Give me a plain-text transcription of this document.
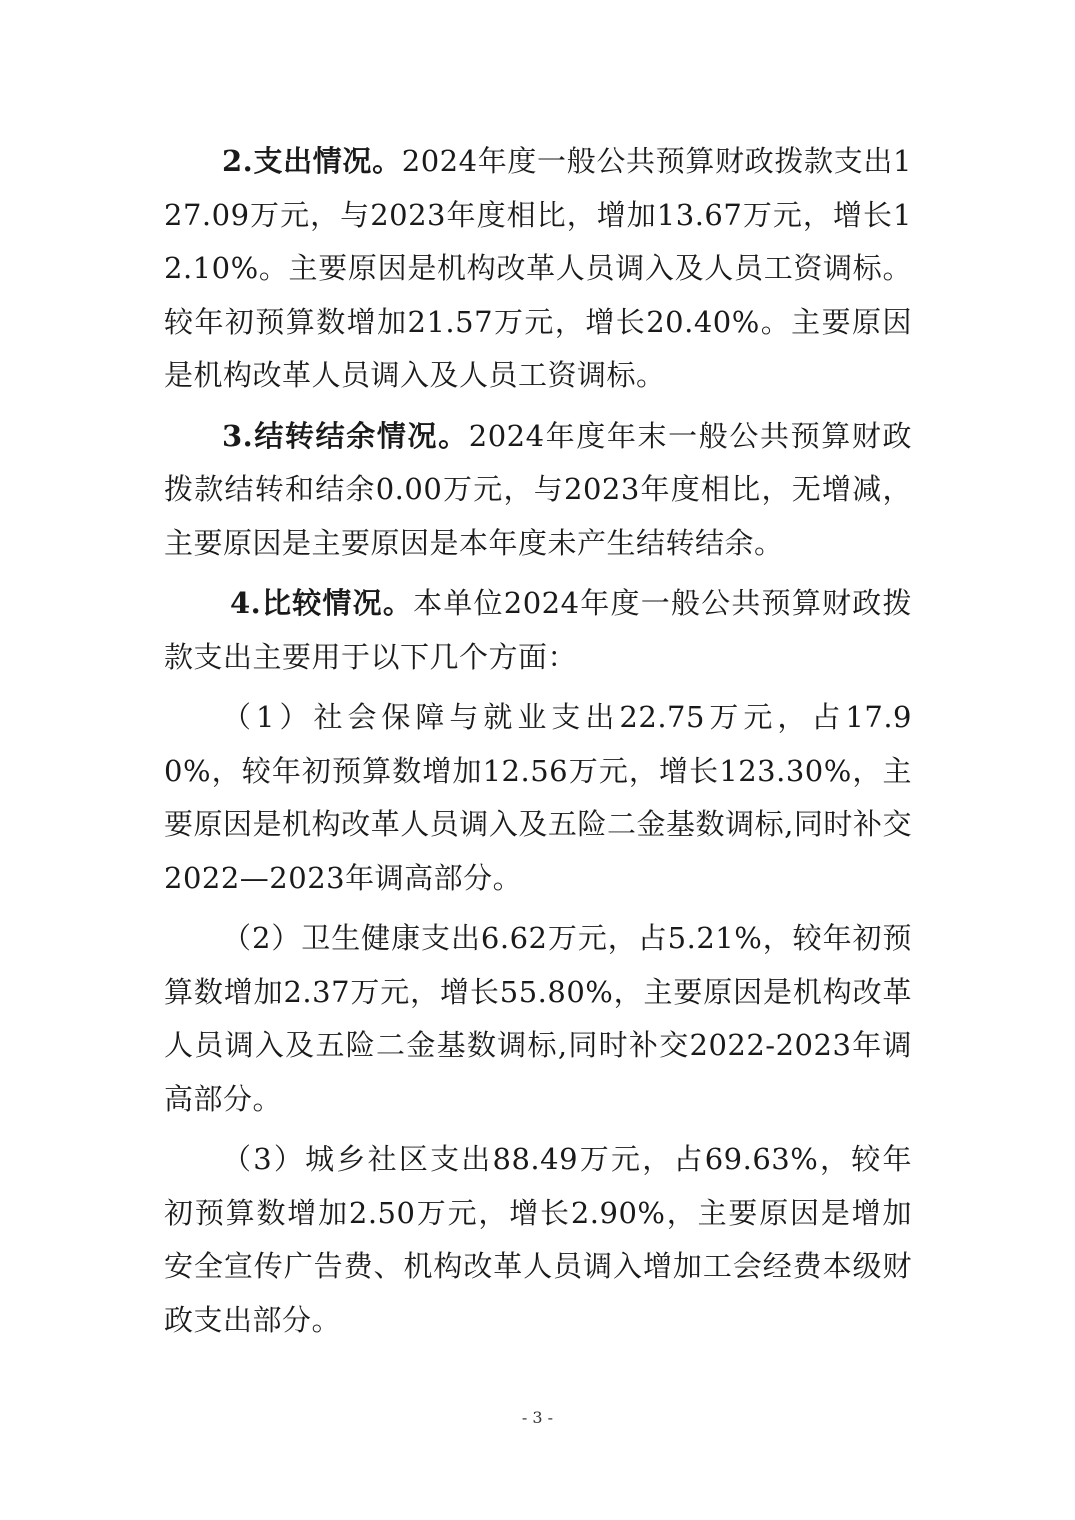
2.支出情况。2024年度一般公共预算财政拨款支出127.09万元，与2023年度相比，增加13.67万元，增长12.10%。主要原因是机构改革人员调入及人员工资调标。较年初预算数增加21.57万元，增长20.40%。主要原因是机构改革人员调入及人员工资调标。

3.结转结余情况。2024年度年末一般公共预算财政拨款结转和结余0.00万元，与2023年度相比，无增减，主要原因是主要原因是本年度未产生结转结余。

4.比较情况。本单位2024年度一般公共预算财政拨款支出主要用于以下几个方面：

（1）社会保障与就业支出22.75万元，占17.90%，较年初预算数增加12.56万元，增长123.30%，主要原因是机构改革人员调入及五险二金基数调标,同时补交2022—2023年调高部分。

（2）卫生健康支出6.62万元，占5.21%，较年初预算数增加2.37万元，增长55.80%，主要原因是机构改革人员调入及五险二金基数调标,同时补交2022-2023年调高部分。

（3）城乡社区支出88.49万元，占69.63%，较年初预算数增加2.50万元，增长2.90%，主要原因是增加安全宣传广告费、机构改革人员调入增加工会经费本级财政支出部分。

- 3 -
